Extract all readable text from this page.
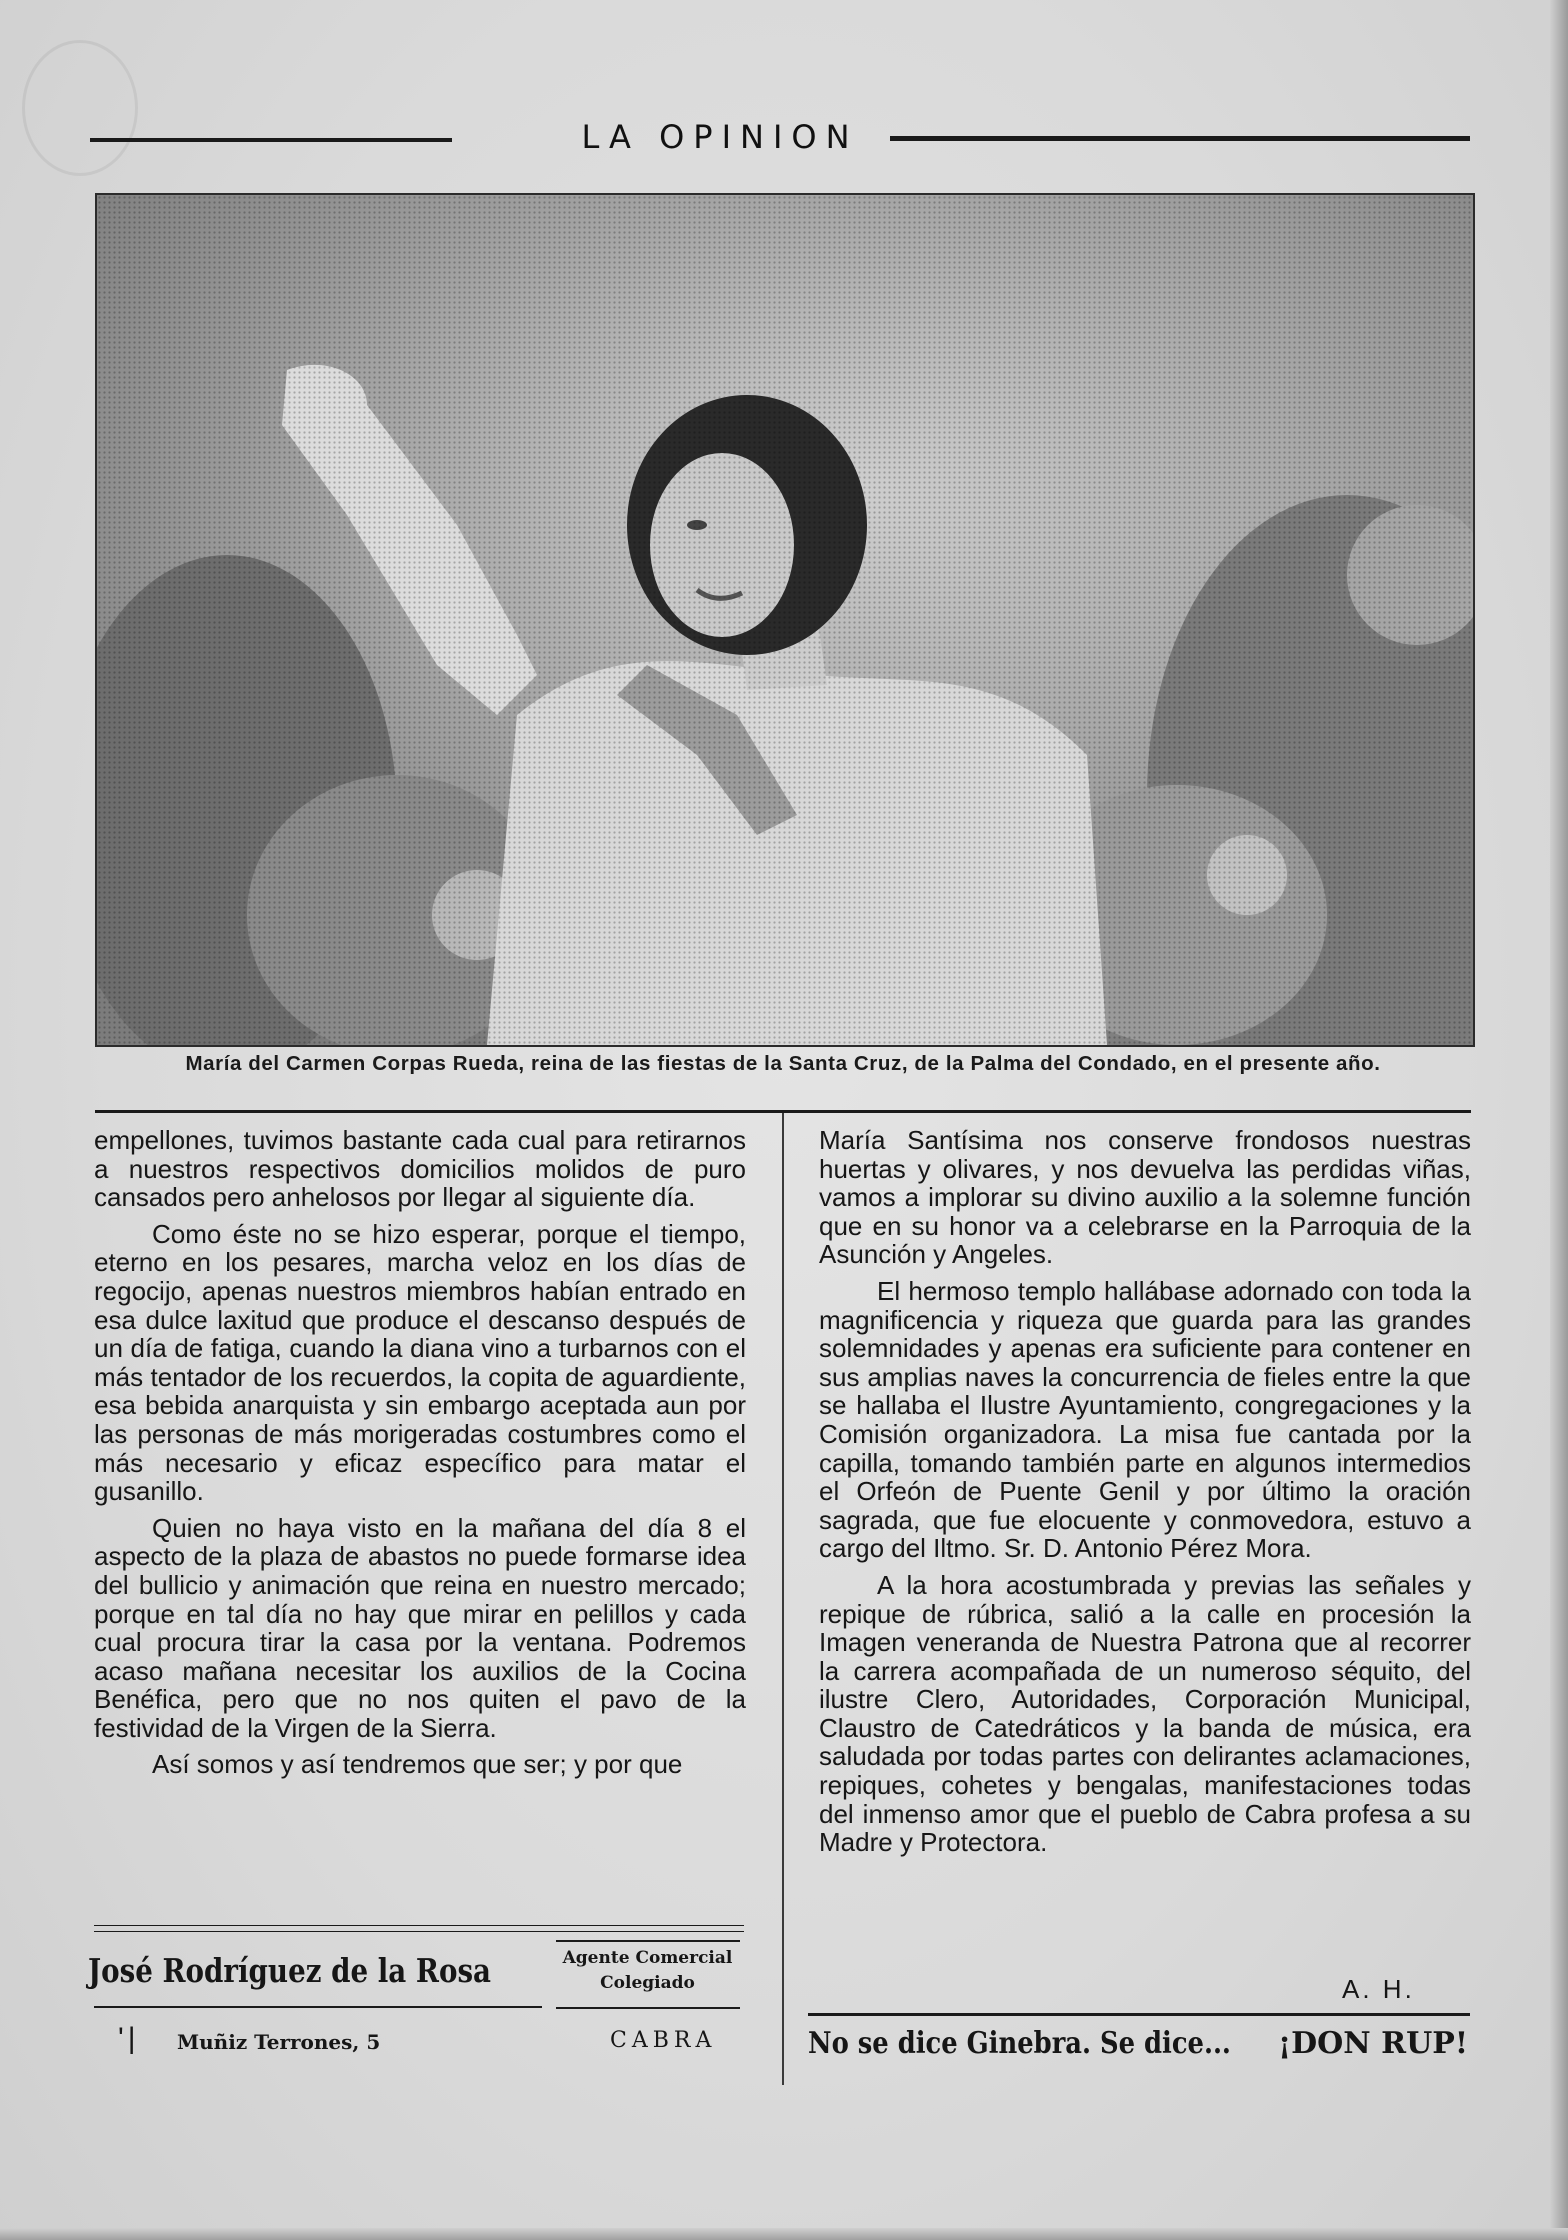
LA OPINION
María del Carmen Corpas Rueda, reina de las fiestas de la Santa Cruz, de la Palma del Condado, en el presente año.

empellones, tuvimos bastante cada cual para retirarnos a nuestros respectivos domicilios molidos de puro cansados pero anhelosos por llegar al siguiente día.

Como éste no se hizo esperar, porque el tiempo, eterno en los pesares, marcha veloz en los días de regocijo, apenas nuestros miembros habían entrado en esa dulce laxitud que produce el descanso después de un día de fatiga, cuando la diana vino a turbarnos con el más tentador de los recuerdos, la copita de aguardiente, esa bebida anarquista y sin embargo aceptada aun por las personas de más morigeradas costumbres como el más necesario y eficaz específico para matar el gusanillo.

Quien no haya visto en la mañana del día 8 el aspecto de la plaza de abastos no puede formarse idea del bullicio y animación que reina en nuestro mercado; porque en tal día no hay que mirar en pelillos y cada cual procura tirar la casa por la ventana. Podremos acaso mañana necesitar los auxilios de la Cocina Benéfica, pero que no nos quiten el pavo de la festividad de la Virgen de la Sierra.

Así somos y así tendremos que ser; y por que

María Santísima nos conserve frondosos nuestras huertas y olivares, y nos devuelva las perdidas viñas, vamos a implorar su divino auxilio a la solemne función que en su honor va a celebrarse en la Parroquia de la Asunción y Angeles.

El hermoso templo hallábase adornado con toda la magnificencia y riqueza que guarda para las grandes solemnidades y apenas era suficiente para contener en sus amplias naves la concurrencia de fieles entre la que se hallaba el Ilustre Ayuntamiento, congregaciones y la Comisión organizadora. La misa fue cantada por la capilla, tomando también parte en algunos intermedios el Orfeón de Puente Genil y por último la oración sagrada, que fue elocuente y conmovedora, estuvo a cargo del Iltmo. Sr. D. Antonio Pérez Mora.

A la hora acostumbrada y previas las señales y repique de rúbrica, salió a la calle en procesión la Imagen veneranda de Nuestra Patrona que al recorrer la carrera acompañada de un numeroso séquito, del ilustre Clero, Autoridades, Corporación Municipal, Claustro de Catedráticos y la banda de música, era saludada por todas partes con delirantes aclamaciones, repiques, cohetes y bengalas, manifestaciones todas del inmenso amor que el pueblo de Cabra profesa a su Madre y Protectora.

A. H.
José Rodríguez de la Rosa	Agente Comercial
Colegiado
'| Muñiz Terrones, 5	CABRA	No se dice Ginebra. Se dice... ¡DON RUP!
